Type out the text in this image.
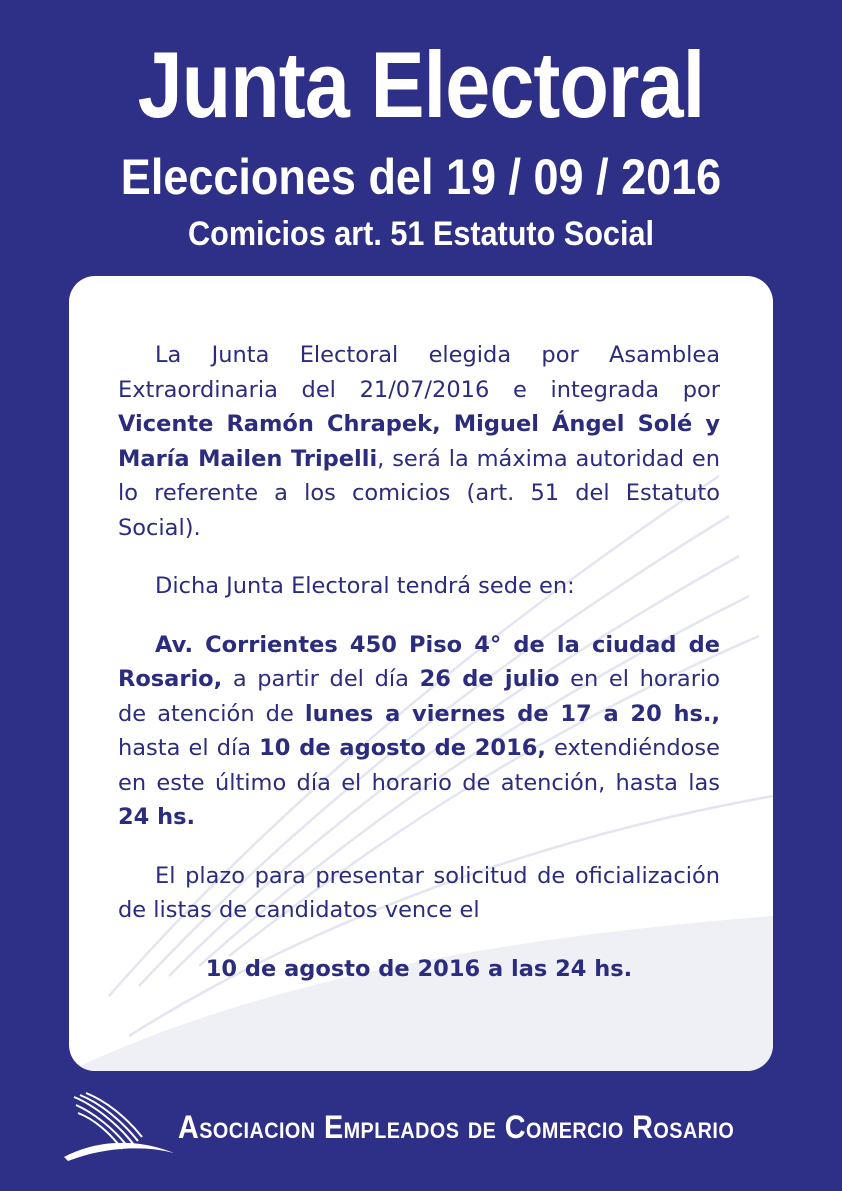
Junta Electoral
Elecciones del 19 / 09 / 2016
Comicios art. 51 Estatuto Social

La Junta Electoral elegida por Asamblea Extraordinaria del 21/07/2016 e integrada por Vicente Ramón Chrapek, Miguel Ángel Solé y María Mailen Tripelli, será la máxima autoridad en lo referente a los comicios (art. 51 del Estatuto Social).

Dicha Junta Electoral tendrá sede en:

Av. Corrientes 450 Piso 4° de la ciudad de Rosario, a partir del día 26 de julio en el horario de atención de lunes a viernes de 17 a 20 hs., hasta el día 10 de agosto de 2016, extendiéndose en este último día el horario de atención, hasta las 24 hs.

El plazo para presentar solicitud de oficialización de listas de candidatos vence el

10 de agosto de 2016 a las 24 hs.

Asociacion Empleados de Comercio Rosario
